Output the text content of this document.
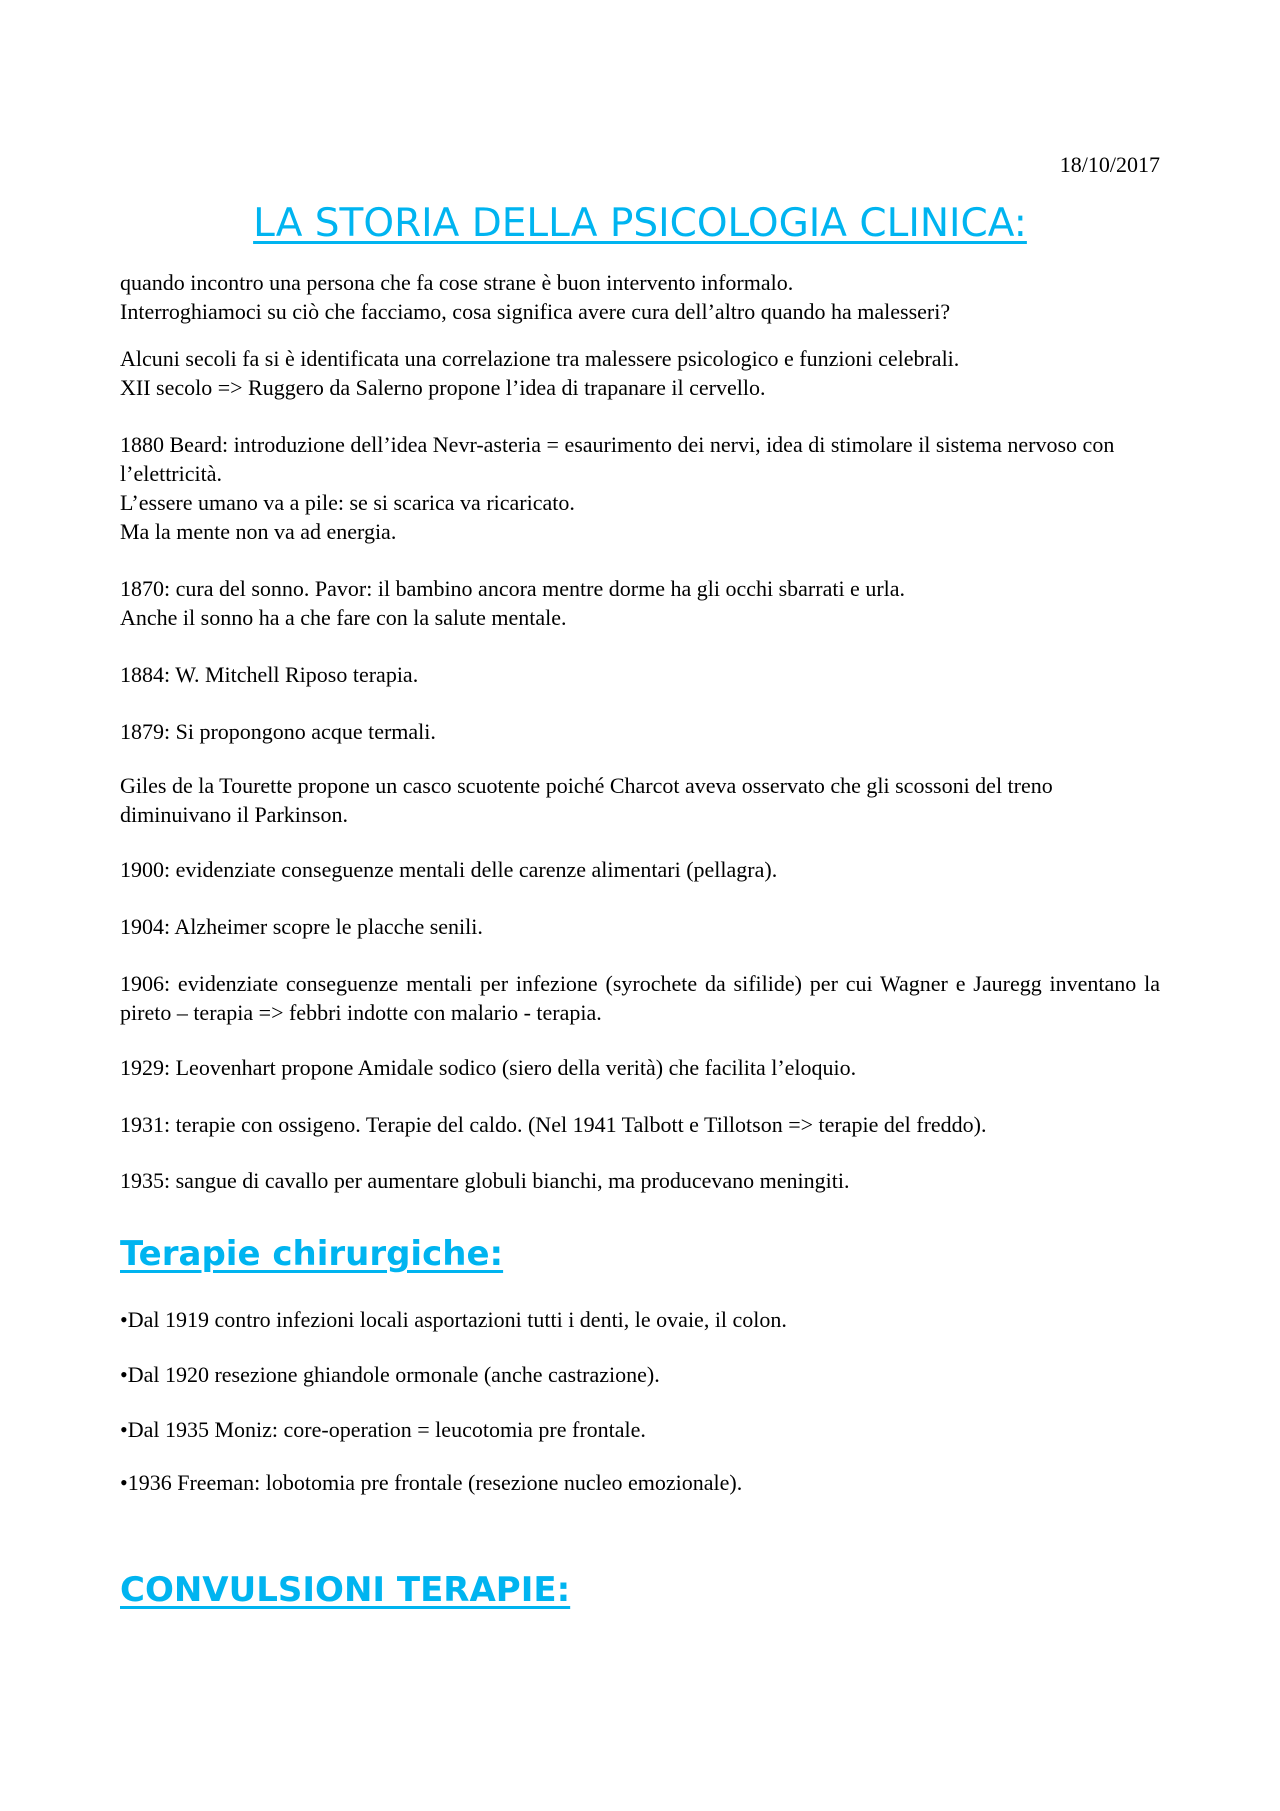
18/10/2017
LA STORIA DELLA PSICOLOGIA CLINICA:

quando incontro una persona che fa cose strane è buon intervento informalo.

Interroghiamoci su ciò che facciamo, cosa significa avere cura dell’altro quando ha malesseri?

Alcuni secoli fa si è identificata una correlazione tra malessere psicologico e funzioni celebrali.

XII secolo => Ruggero da Salerno propone l’idea di trapanare il cervello.

1880 Beard: introduzione dell’idea Nevr-asteria = esaurimento dei nervi, idea di stimolare il sistema nervoso con l’elettricità.

L’essere umano va a pile: se si scarica va ricaricato.

Ma la mente non va ad energia.

1870: cura del sonno. Pavor: il bambino ancora mentre dorme ha gli occhi sbarrati e urla.

Anche il sonno ha a che fare con la salute mentale.

1884: W. Mitchell Riposo terapia.

1879: Si propongono acque termali.

Giles de la Tourette propone un casco scuotente poiché Charcot aveva osservato che gli scossoni del treno diminuivano il Parkinson.

1900: evidenziate conseguenze mentali delle carenze alimentari (pellagra).

1904: Alzheimer scopre le placche senili.

1906: evidenziate conseguenze mentali per infezione (syrochete da sifilide) per cui Wagner e Jauregg inventano la pireto – terapia => febbri indotte con malario - terapia.

1929: Leovenhart propone Amidale sodico (siero della verità) che facilita l’eloquio.

1931: terapie con ossigeno. Terapie del caldo. (Nel 1941 Talbott e Tillotson => terapie del freddo).

1935: sangue di cavallo per aumentare globuli bianchi, ma producevano meningiti.

Terapie chirurgiche:

•Dal 1919 contro infezioni locali asportazioni tutti i denti, le ovaie, il colon.

•Dal 1920 resezione ghiandole ormonale (anche castrazione).

•Dal 1935 Moniz: core-operation = leucotomia pre frontale.

•1936 Freeman: lobotomia pre frontale (resezione nucleo emozionale).

CONVULSIONI TERAPIE:
